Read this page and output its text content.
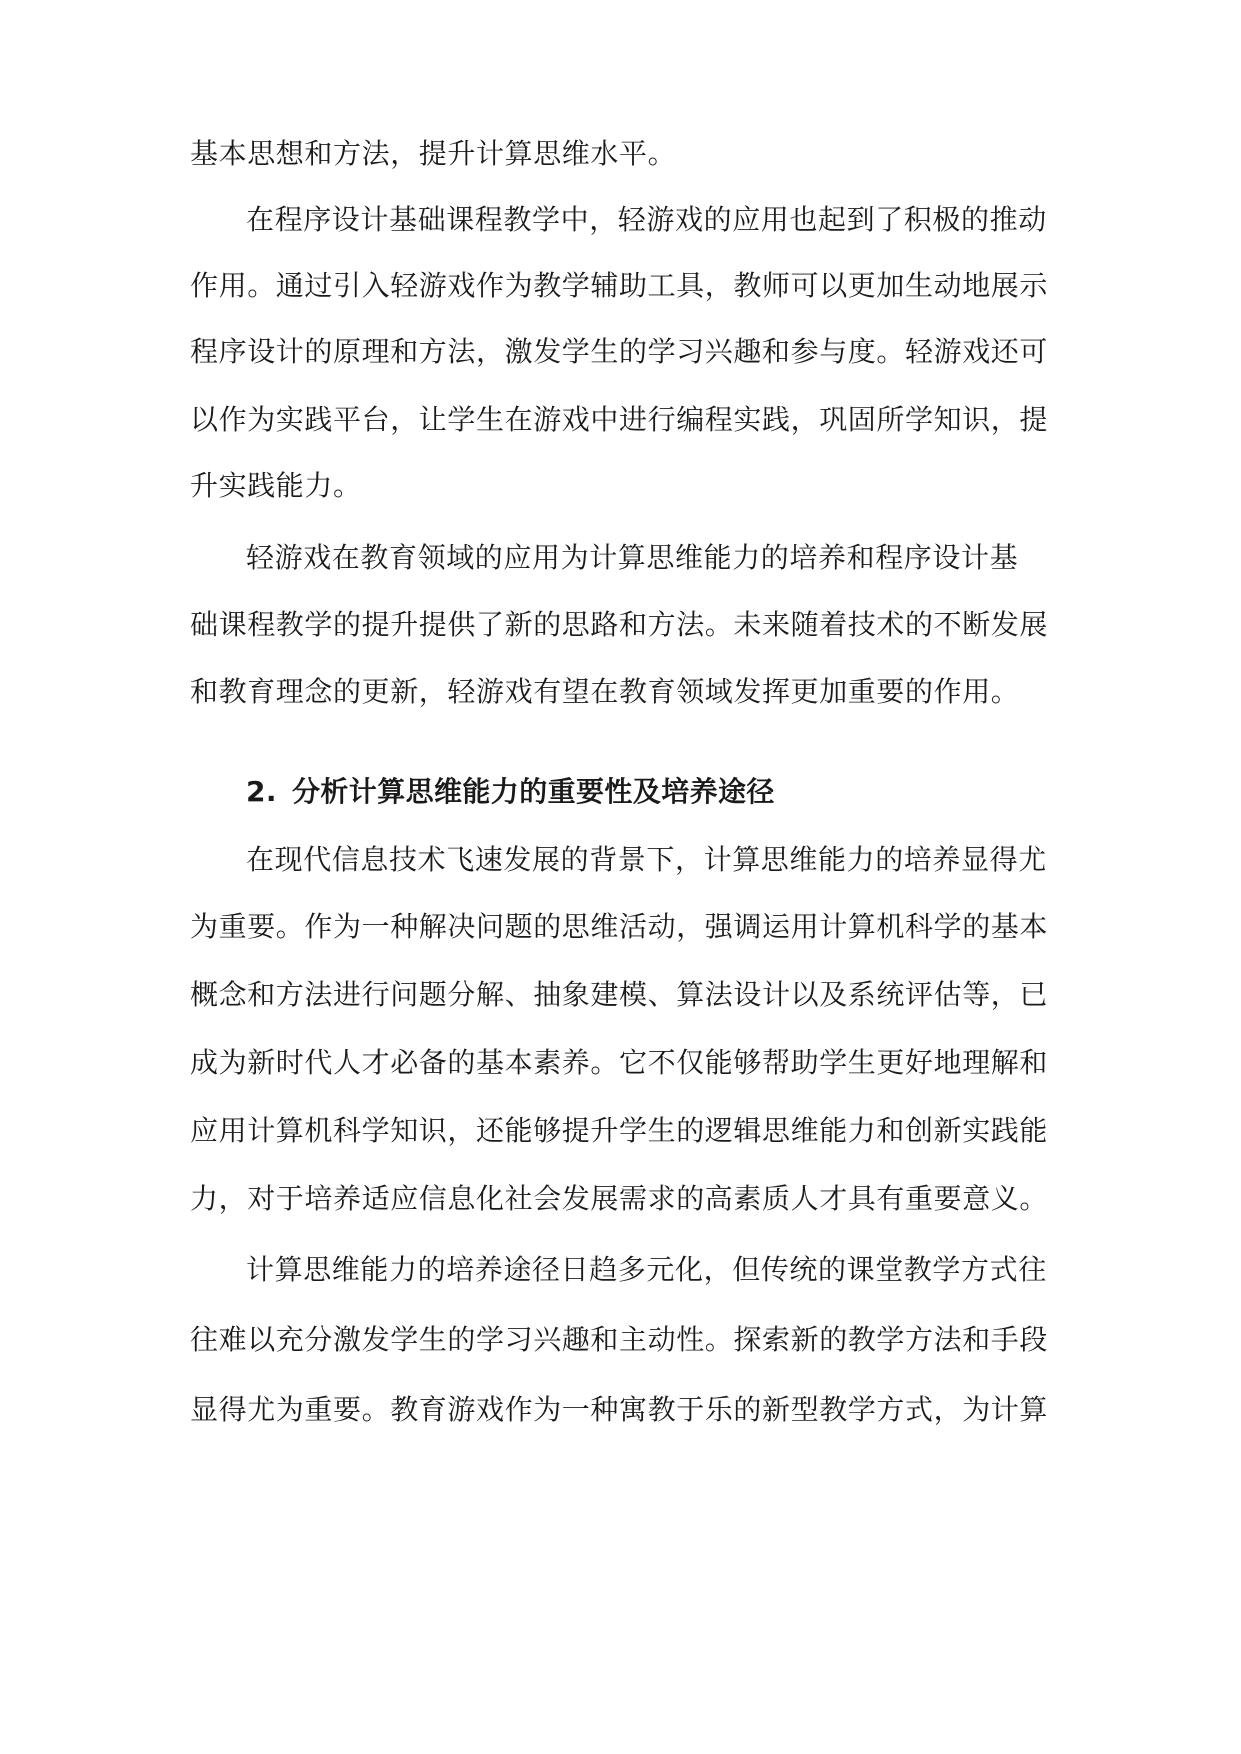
基本思想和方法，提升计算思维水平。
在程序设计基础课程教学中，轻游戏的应用也起到了积极的推动
作用。通过引入轻游戏作为教学辅助工具，教师可以更加生动地展示
程序设计的原理和方法，激发学生的学习兴趣和参与度。轻游戏还可
以作为实践平台，让学生在游戏中进行编程实践，巩固所学知识，提
升实践能力。
轻游戏在教育领域的应用为计算思维能力的培养和程序设计基
础课程教学的提升提供了新的思路和方法。未来随着技术的不断发展
和教育理念的更新，轻游戏有望在教育领域发挥更加重要的作用。
2. 分析计算思维能力的重要性及培养途径
在现代信息技术飞速发展的背景下，计算思维能力的培养显得尤
为重要。作为一种解决问题的思维活动，强调运用计算机科学的基本
概念和方法进行问题分解、抽象建模、算法设计以及系统评估等，已
成为新时代人才必备的基本素养。它不仅能够帮助学生更好地理解和
应用计算机科学知识，还能够提升学生的逻辑思维能力和创新实践能
力，对于培养适应信息化社会发展需求的高素质人才具有重要意义。
计算思维能力的培养途径日趋多元化，但传统的课堂教学方式往
往难以充分激发学生的学习兴趣和主动性。探索新的教学方法和手段
显得尤为重要。教育游戏作为一种寓教于乐的新型教学方式，为计算
